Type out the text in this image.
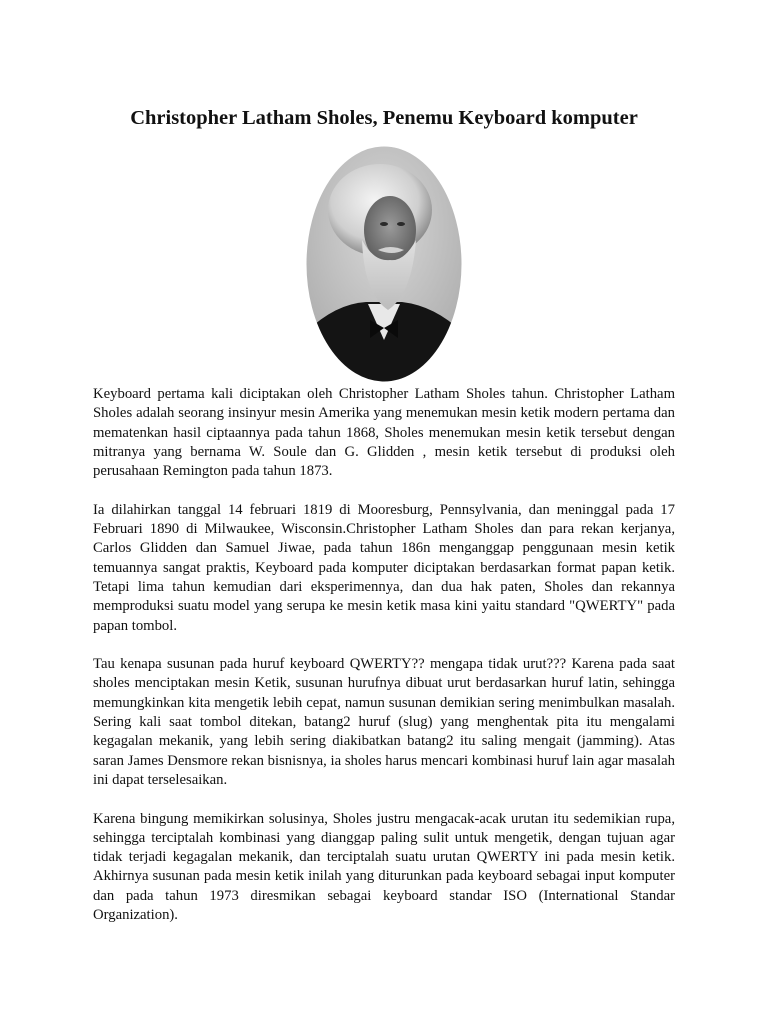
Christopher Latham Sholes, Penemu Keyboard komputer

Keyboard pertama kali diciptakan oleh Christopher Latham Sholes tahun. Christopher Latham Sholes adalah seorang insinyur mesin Amerika yang menemukan mesin ketik modern pertama dan mematenkan hasil ciptaannya pada tahun 1868, Sholes menemukan mesin ketik tersebut dengan mitranya yang bernama W. Soule dan G. Glidden , mesin ketik tersebut di produksi oleh perusahaan Remington pada tahun 1873.

Ia dilahirkan tanggal 14 februari 1819 di Mooresburg, Pennsylvania, dan meninggal pada 17 Februari 1890 di Milwaukee, Wisconsin.Christopher Latham Sholes dan para rekan kerjanya, Carlos Glidden dan Samuel Jiwae, pada tahun 186n menganggap penggunaan mesin ketik temuannya sangat praktis, Keyboard pada komputer diciptakan berdasarkan format papan ketik. Tetapi lima tahun kemudian dari eksperimennya, dan dua hak paten, Sholes dan rekannya memproduksi suatu model yang serupa ke mesin ketik masa kini yaitu standard "QWERTY" pada papan tombol.

Tau kenapa susunan pada huruf keyboard QWERTY?? mengapa tidak urut??? Karena pada saat sholes menciptakan mesin Ketik, susunan hurufnya dibuat urut berdasarkan huruf latin, sehingga memungkinkan kita mengetik lebih cepat, namun susunan demikian sering menimbulkan masalah. Sering kali saat tombol ditekan, batang2 huruf (slug) yang menghentak pita itu mengalami kegagalan mekanik, yang lebih sering diakibatkan batang2 itu saling mengait (jamming). Atas saran James Densmore rekan bisnisnya, ia sholes harus mencari kombinasi huruf lain agar masalah ini dapat terselesaikan.

Karena bingung memikirkan solusinya, Sholes justru mengacak-acak urutan itu sedemikian rupa, sehingga terciptalah kombinasi yang dianggap paling sulit untuk mengetik, dengan tujuan agar tidak terjadi kegagalan mekanik, dan terciptalah suatu urutan QWERTY ini pada mesin ketik. Akhirnya susunan pada mesin ketik inilah yang diturunkan pada keyboard sebagai input komputer dan pada tahun 1973 diresmikan sebagai keyboard standar ISO (International Standar Organization).
